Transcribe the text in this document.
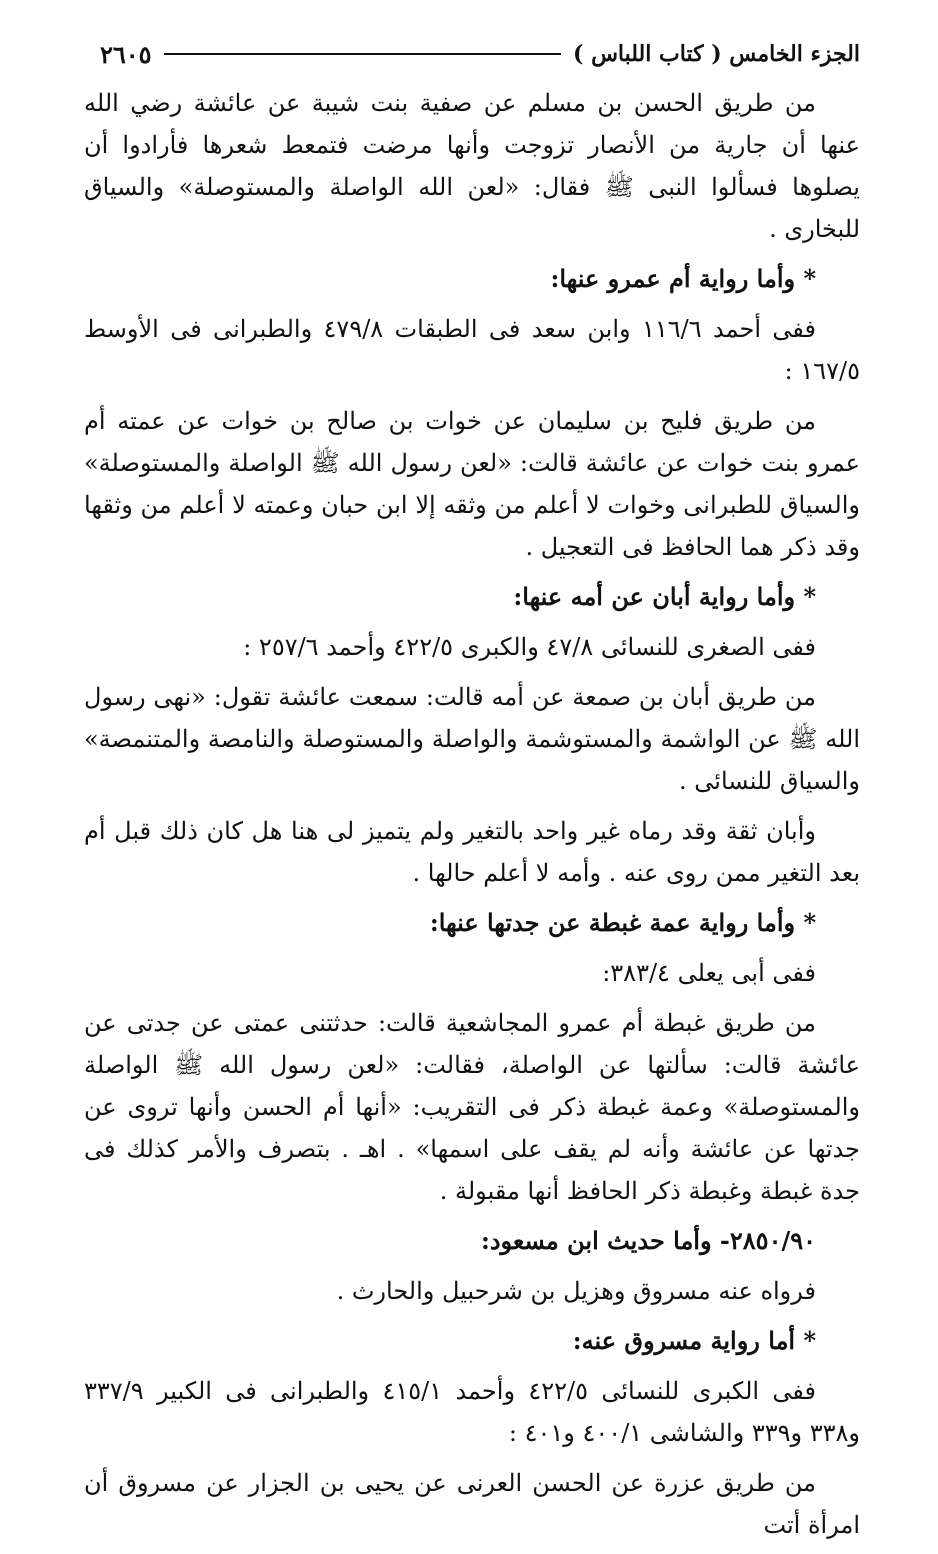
الجزء الخامس ( كتاب اللباس )
٢٦٠٥

من طريق الحسن بن مسلم عن صفية بنت شيبة عن عائشة رضي الله عنها أن جارية من الأنصار تزوجت وأنها مرضت فتمعط شعرها فأرادوا أن يصلوها فسألوا النبى ﷺ فقال: «لعن الله الواصلة والمستوصلة» والسياق للبخارى .

* وأما رواية أم عمرو عنها:

ففى أحمد ١١٦/٦ وابن سعد فى الطبقات ٤٧٩/٨ والطبرانى فى الأوسط ١٦٧/٥ :

من طريق فليح بن سليمان عن خوات بن صالح بن خوات عن عمته أم عمرو بنت خوات عن عائشة قالت: «لعن رسول الله ﷺ الواصلة والمستوصلة» والسياق للطبرانى وخوات لا أعلم من وثقه إلا ابن حبان وعمته لا أعلم من وثقها وقد ذكر هما الحافظ فى التعجيل .

* وأما رواية أبان عن أمه عنها:

ففى الصغرى للنسائى ٤٧/٨ والكبرى ٤٢٢/٥ وأحمد ٢٥٧/٦ :

من طريق أبان بن صمعة عن أمه قالت: سمعت عائشة تقول: «نهى رسول الله ﷺ عن الواشمة والمستوشمة والواصلة والمستوصلة والنامصة والمتنمصة» والسياق للنسائى .

وأبان ثقة وقد رماه غير واحد بالتغير ولم يتميز لى هنا هل كان ذلك قبل أم بعد التغير ممن روى عنه . وأمه لا أعلم حالها .

* وأما رواية عمة غبطة عن جدتها عنها:

ففى أبى يعلى ٣٨٣/٤:

من طريق غبطة أم عمرو المجاشعية قالت: حدثتنى عمتى عن جدتى عن عائشة قالت: سألتها عن الواصلة، فقالت: «لعن رسول الله ﷺ الواصلة والمستوصلة» وعمة غبطة ذكر فى التقريب: «أنها أم الحسن وأنها تروى عن جدتها عن عائشة وأنه لم يقف على اسمها» . اهـ . بتصرف والأمر كذلك فى جدة غبطة وغبطة ذكر الحافظ أنها مقبولة .

٢٨٥٠/٩٠- وأما حديث ابن مسعود:

فرواه عنه مسروق وهزيل بن شرحبيل والحارث .

* أما رواية مسروق عنه:

ففى الكبرى للنسائى ٤٢٢/٥ وأحمد ٤١٥/١ والطبرانى فى الكبير ٣٣٧/٩ و٣٣٨ و٣٣٩ والشاشى ٤٠٠/١ و٤٠١ :

من طريق عزرة عن الحسن العرنى عن يحيى بن الجزار عن مسروق أن امرأة أتت
